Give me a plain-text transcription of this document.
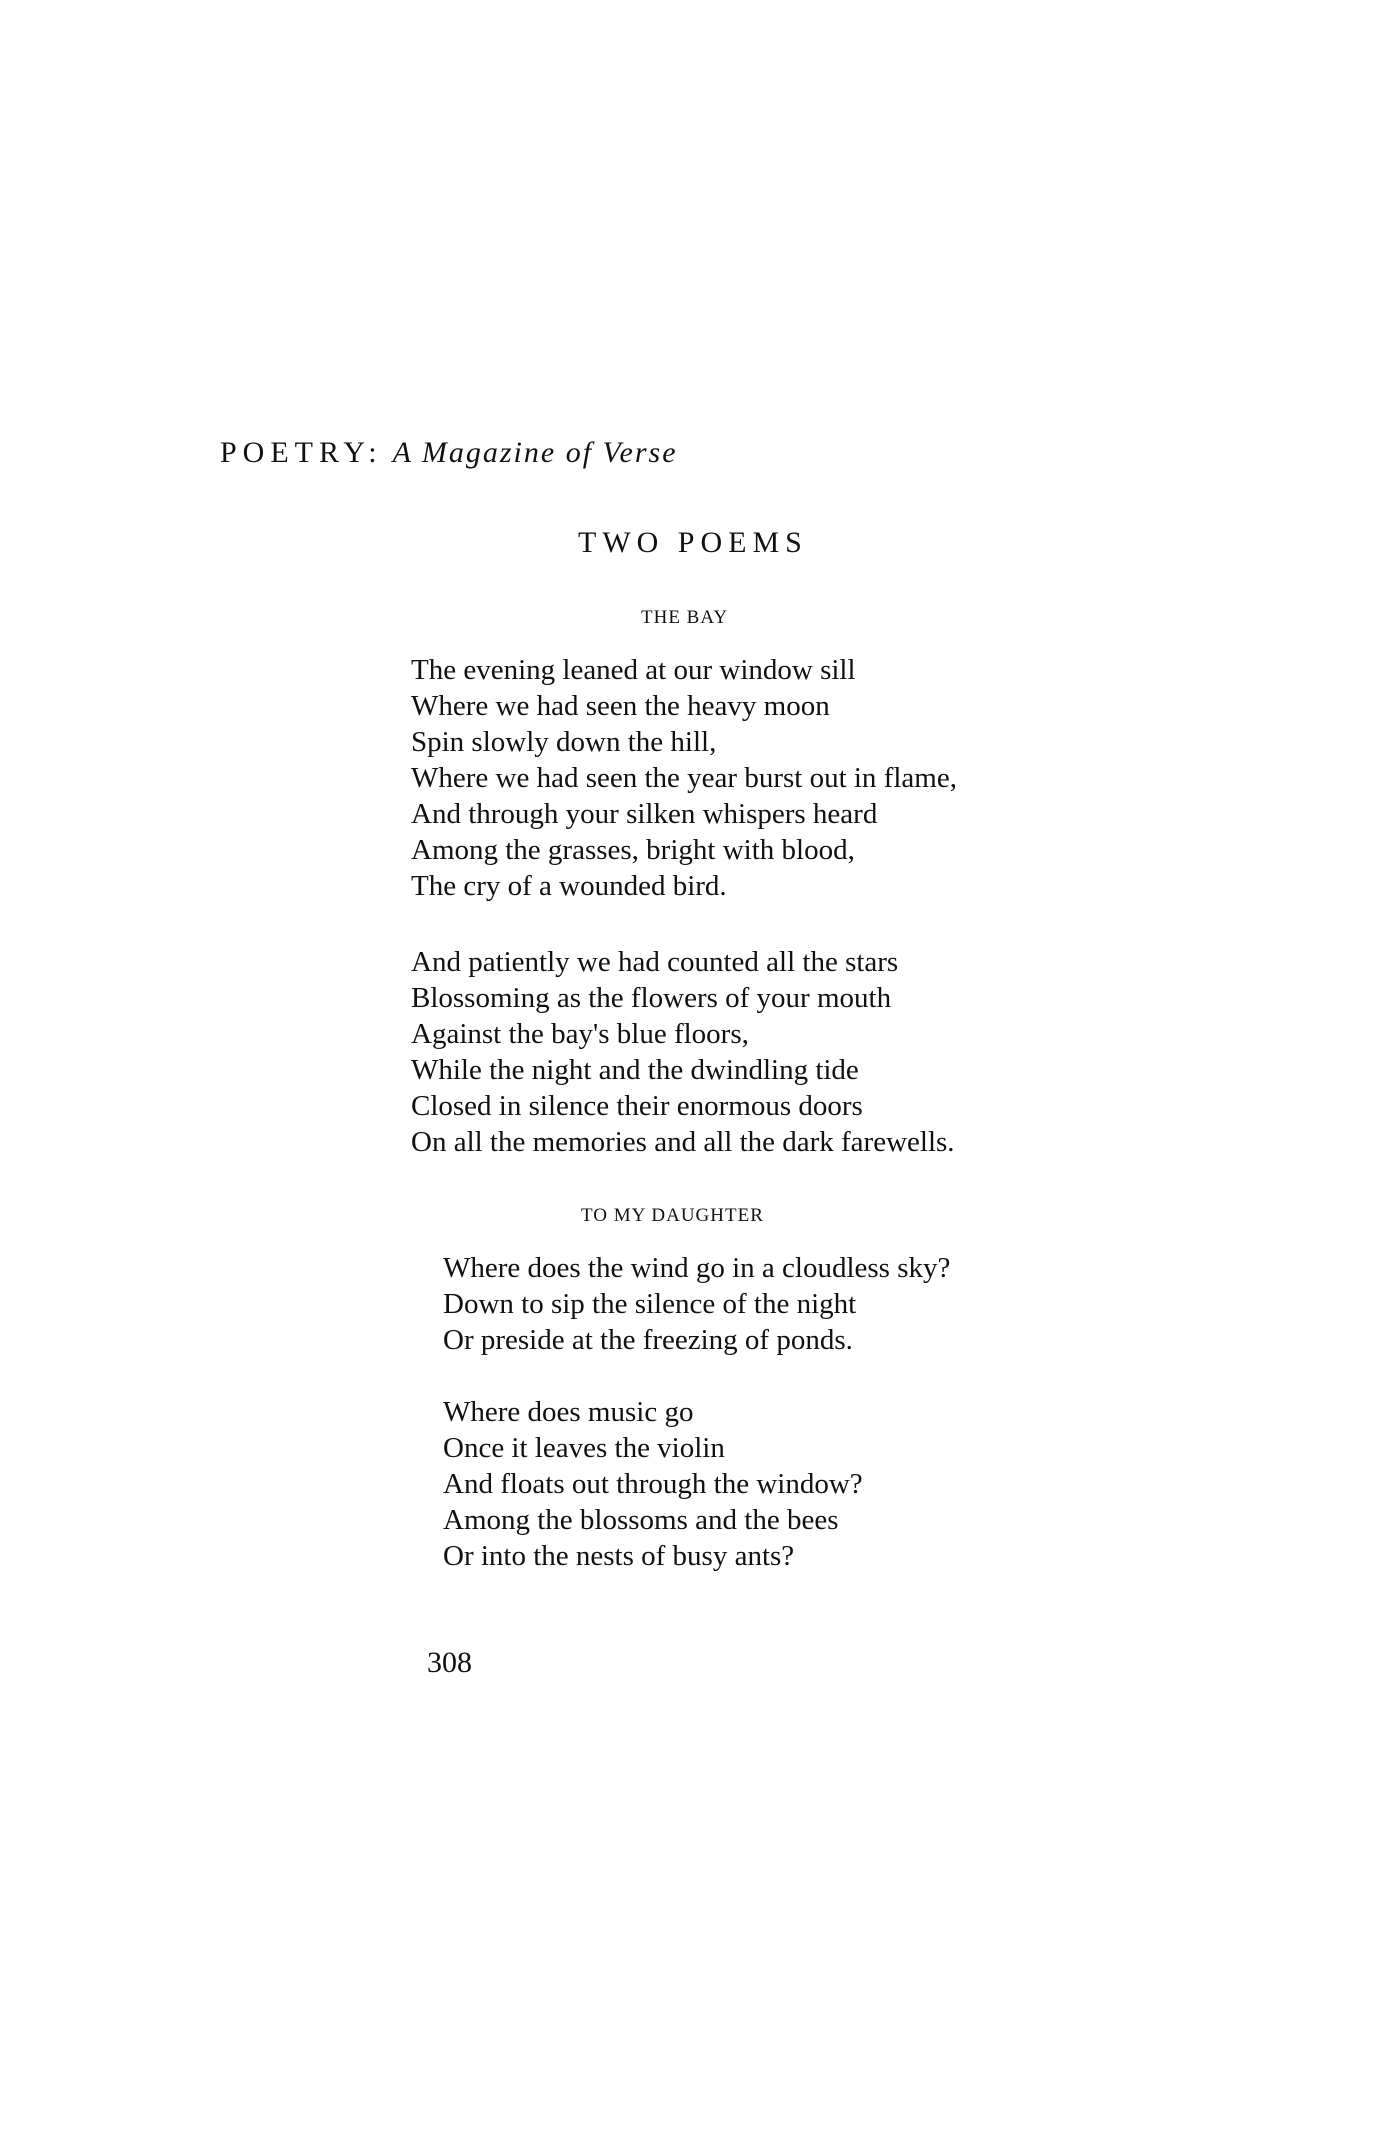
POETRY: A Magazine of Verse
TWO POEMS
THE BAY
The evening leaned at our window sill
Where we had seen the heavy moon
Spin slowly down the hill,
Where we had seen the year burst out in flame,
And through your silken whispers heard
Among the grasses, bright with blood,
The cry of a wounded bird.
And patiently we had counted all the stars
Blossoming as the flowers of your mouth
Against the bay's blue floors,
While the night and the dwindling tide
Closed in silence their enormous doors
On all the memories and all the dark farewells.
TO MY DAUGHTER
Where does the wind go in a cloudless sky?
Down to sip the silence of the night
Or preside at the freezing of ponds.
Where does music go
Once it leaves the violin
And floats out through the window?
Among the blossoms and the bees
Or into the nests of busy ants?
308
